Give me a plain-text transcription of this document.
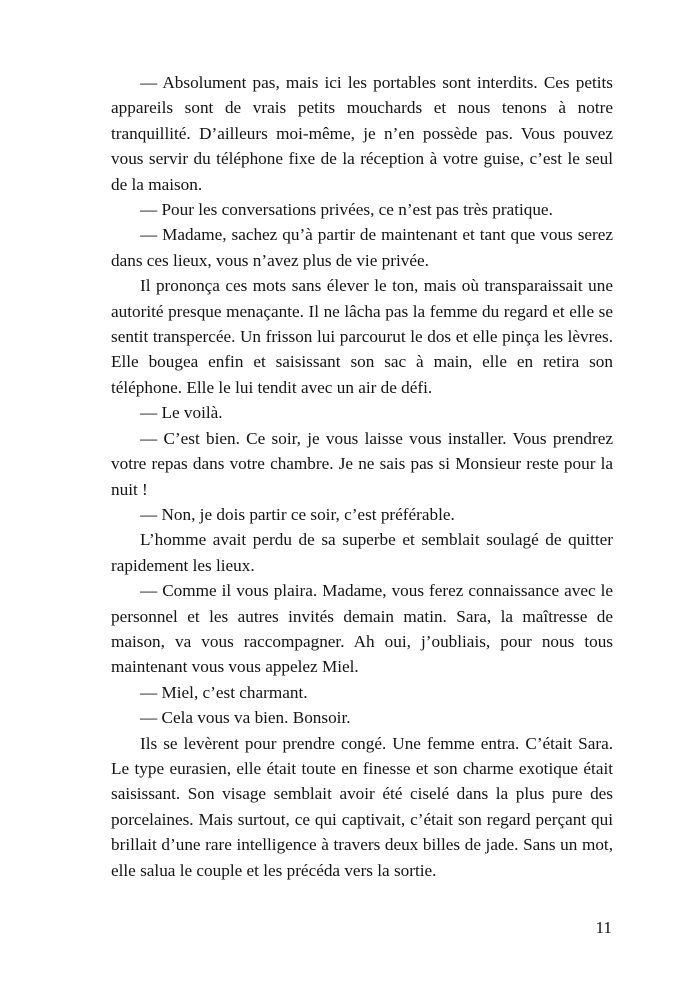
— Absolument pas, mais ici les portables sont interdits. Ces petits appareils sont de vrais petits mouchards et nous tenons à notre tranquillité. D’ailleurs moi-même, je n’en possède pas. Vous pouvez vous servir du téléphone fixe de la réception à votre guise, c’est le seul de la maison.

— Pour les conversations privées, ce n’est pas très pratique.

— Madame, sachez qu’à partir de maintenant et tant que vous serez dans ces lieux, vous n’avez plus de vie privée.

Il prononça ces mots sans élever le ton, mais où transparaissait une autorité presque menaçante. Il ne lâcha pas la femme du regard et elle se sentit transpercée. Un frisson lui parcourut le dos et elle pinça les lèvres. Elle bougea enfin et saisissant son sac à main, elle en retira son téléphone. Elle le lui tendit avec un air de défi.

— Le voilà.

— C’est bien. Ce soir, je vous laisse vous installer. Vous prendrez votre repas dans votre chambre. Je ne sais pas si Monsieur reste pour la nuit !

— Non, je dois partir ce soir, c’est préférable.

L’homme avait perdu de sa superbe et semblait soulagé de quitter rapidement les lieux.

— Comme il vous plaira. Madame, vous ferez connaissance avec le personnel et les autres invités demain matin. Sara, la maîtresse de maison, va vous raccompagner. Ah oui, j’oubliais, pour nous tous maintenant vous vous appelez Miel.

— Miel, c’est charmant.

— Cela vous va bien. Bonsoir.

Ils se levèrent pour prendre congé. Une femme entra. C’était Sara. Le type eurasien, elle était toute en finesse et son charme exotique était saisissant. Son visage semblait avoir été ciselé dans la plus pure des porcelaines. Mais surtout, ce qui captivait, c’était son regard perçant qui brillait d’une rare intelligence à travers deux billes de jade. Sans un mot, elle salua le couple et les précéda vers la sortie.

11
